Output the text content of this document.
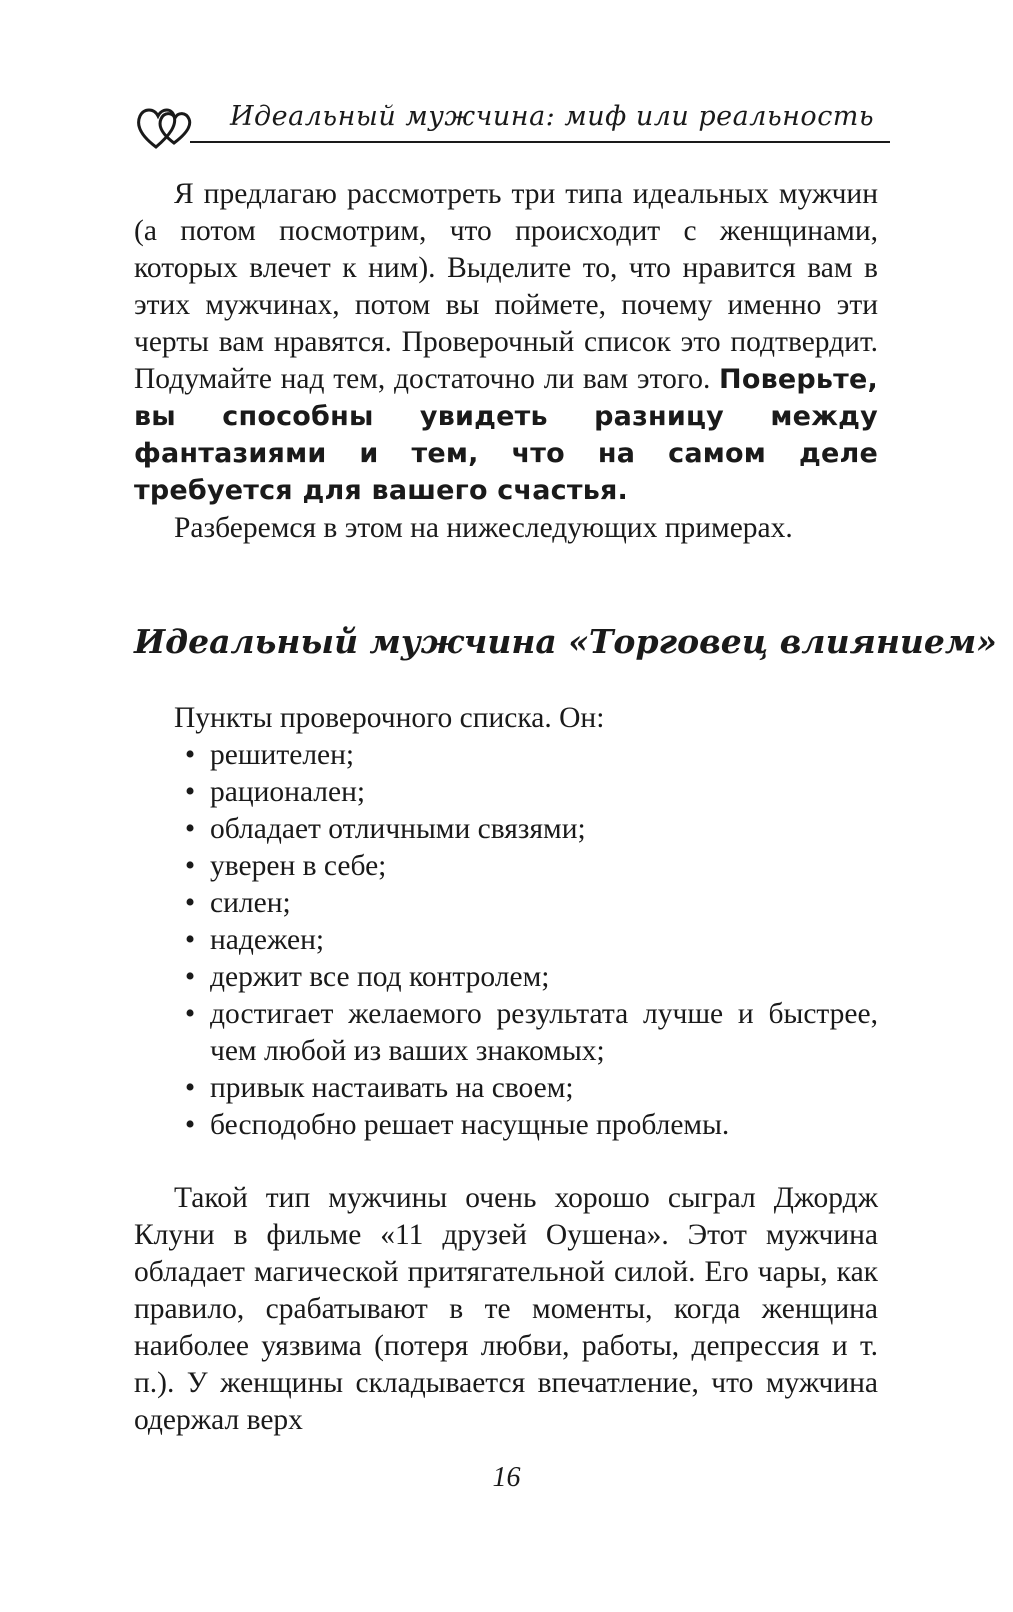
Идеальный мужчина: миф или реальность

Я предлагаю рассмотреть три типа идеальных мужчин (а потом посмотрим, что происходит с женщинами, которых влечет к ним). Выделите то, что нравится вам в этих мужчинах, потом вы поймете, почему именно эти черты вам нравятся. Проверочный список это подтвердит. Подумайте над тем, достаточно ли вам этого. Поверьте, вы способны увидеть разницу между фантазиями и тем, что на самом деле требуется для вашего счастья.

Разберемся в этом на нижеследующих примерах.

Идеальный мужчина «Торговец влиянием»

Пункты проверочного списка. Он:

• решителен;
• рационален;
• обладает отличными связями;
• уверен в себе;
• силен;
• надежен;
• держит все под контролем;
• достигает желаемого результата лучше и быстрее, чем любой из ваших знакомых;
• привык настаивать на своем;
• бесподобно решает насущные проблемы.

Такой тип мужчины очень хорошо сыграл Джордж Клуни в фильме «11 друзей Оушена». Этот мужчина обладает магической притягательной силой. Его чары, как правило, срабатывают в те моменты, когда женщина наиболее уязвима (потеря любви, работы, депрессия и т. п.). У женщины складывается впечатление, что мужчина одержал верх

16
